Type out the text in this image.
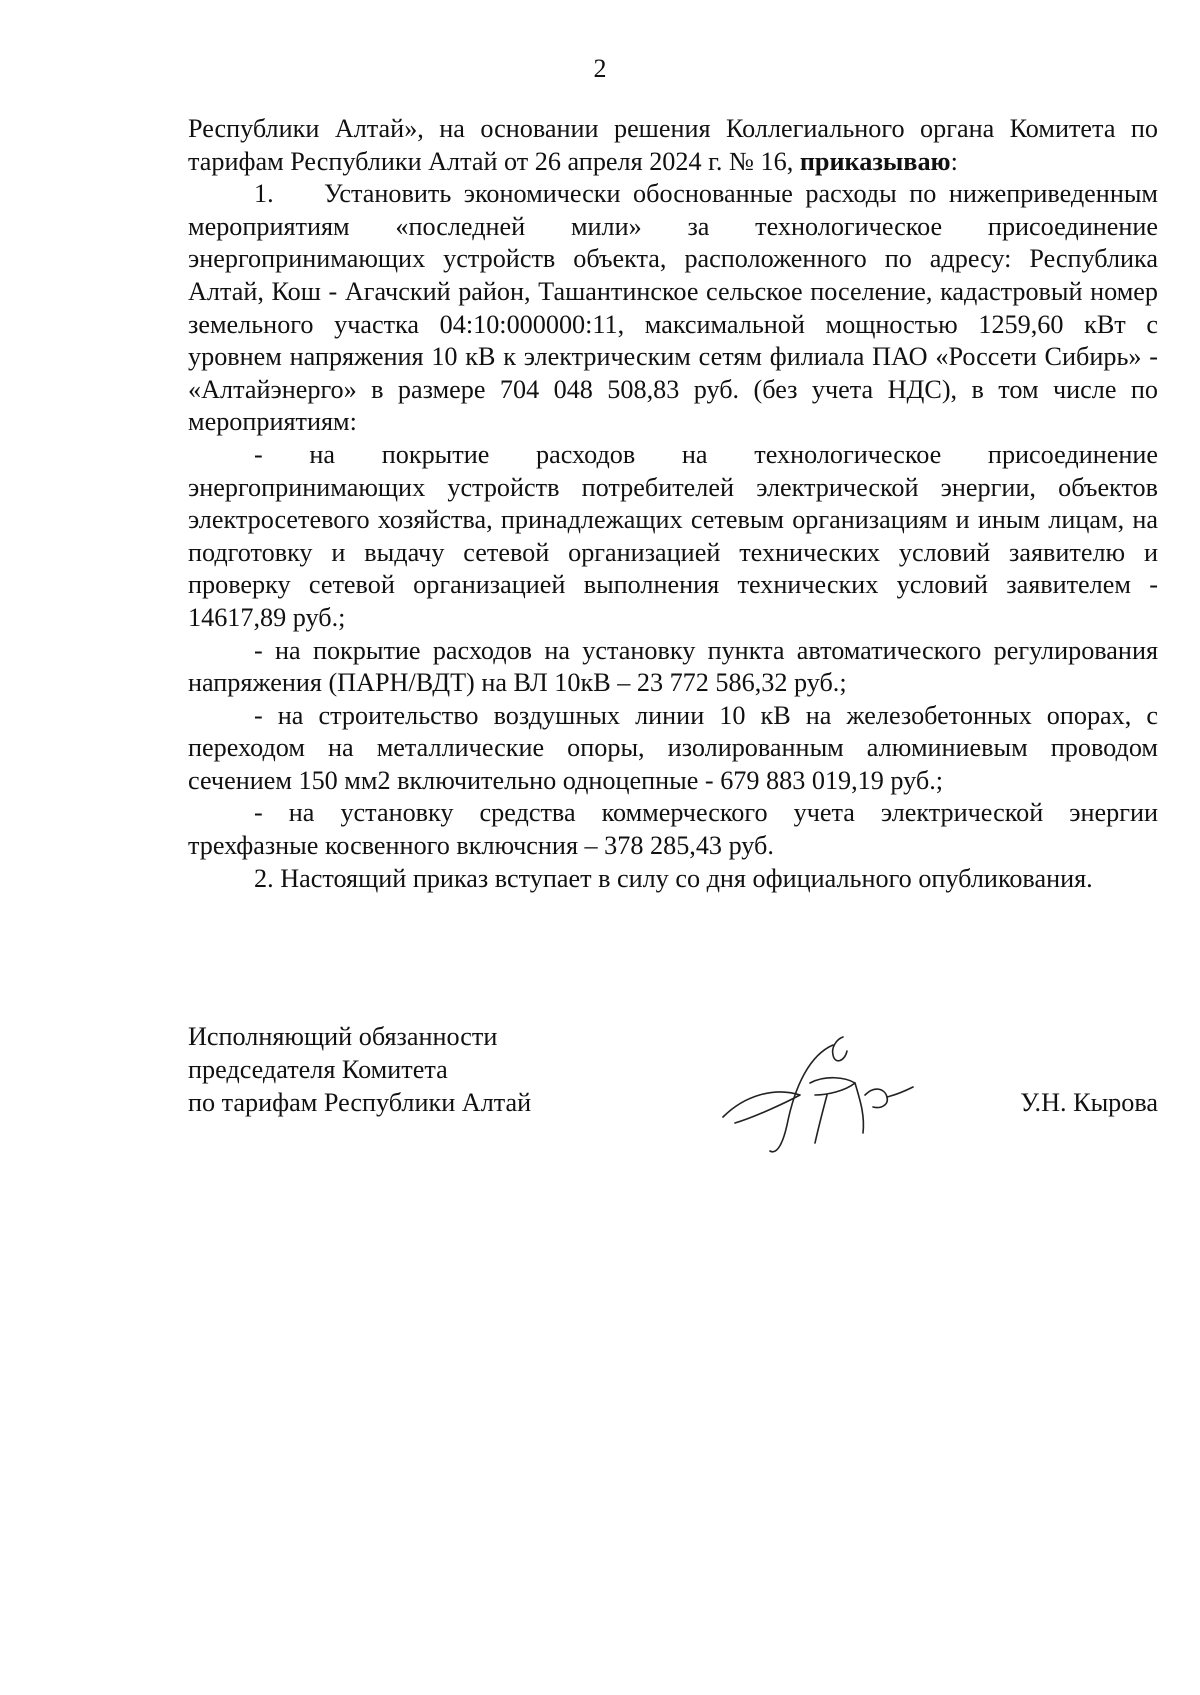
2

Республики Алтай», на основании решения Коллегиального органа Комитета по тарифам Республики Алтай от 26 апреля 2024 г. № 16, приказываю:

1. Установить экономически обоснованные расходы по нижеприведенным мероприятиям «последней мили» за технологическое присоединение энергопринимающих устройств объекта, расположенного по адресу: Республика Алтай, Кош - Агачский район, Ташантинское сельское поселение, кадастровый номер земельного участка 04:10:000000:11, максимальной мощностью 1259,60 кВт с уровнем напряжения 10 кВ к электрическим сетям филиала ПАО «Россети Сибирь» - «Алтайэнерго» в размере 704 048 508,83 руб. (без учета НДС), в том числе по мероприятиям:

- на покрытие расходов на технологическое присоединение энергопринимающих устройств потребителей электрической энергии, объектов электросетевого хозяйства, принадлежащих сетевым организациям и иным лицам, на подготовку и выдачу сетевой организацией технических условий заявителю и проверку сетевой организацией выполнения технических условий заявителем - 14617,89 руб.;

- на покрытие расходов на установку пункта автоматического регулирования напряжения (ПАРН/ВДТ) на ВЛ 10кВ – 23 772 586,32 руб.;

- на строительство воздушных линии 10 кВ на железобетонных опорах, с переходом на металлические опоры, изолированным алюминиевым проводом сечением 150 мм2 включительно одноцепные - 679 883 019,19 руб.;

- на установку средства коммерческого учета электрической энергии трехфазные косвенного включсния – 378 285,43 руб.

2. Настоящий приказ вступает в силу со дня официального опубликования.

Исполняющий обязанности
председателя Комитета
по тарифам Республики Алтай	У.Н. Кырова
